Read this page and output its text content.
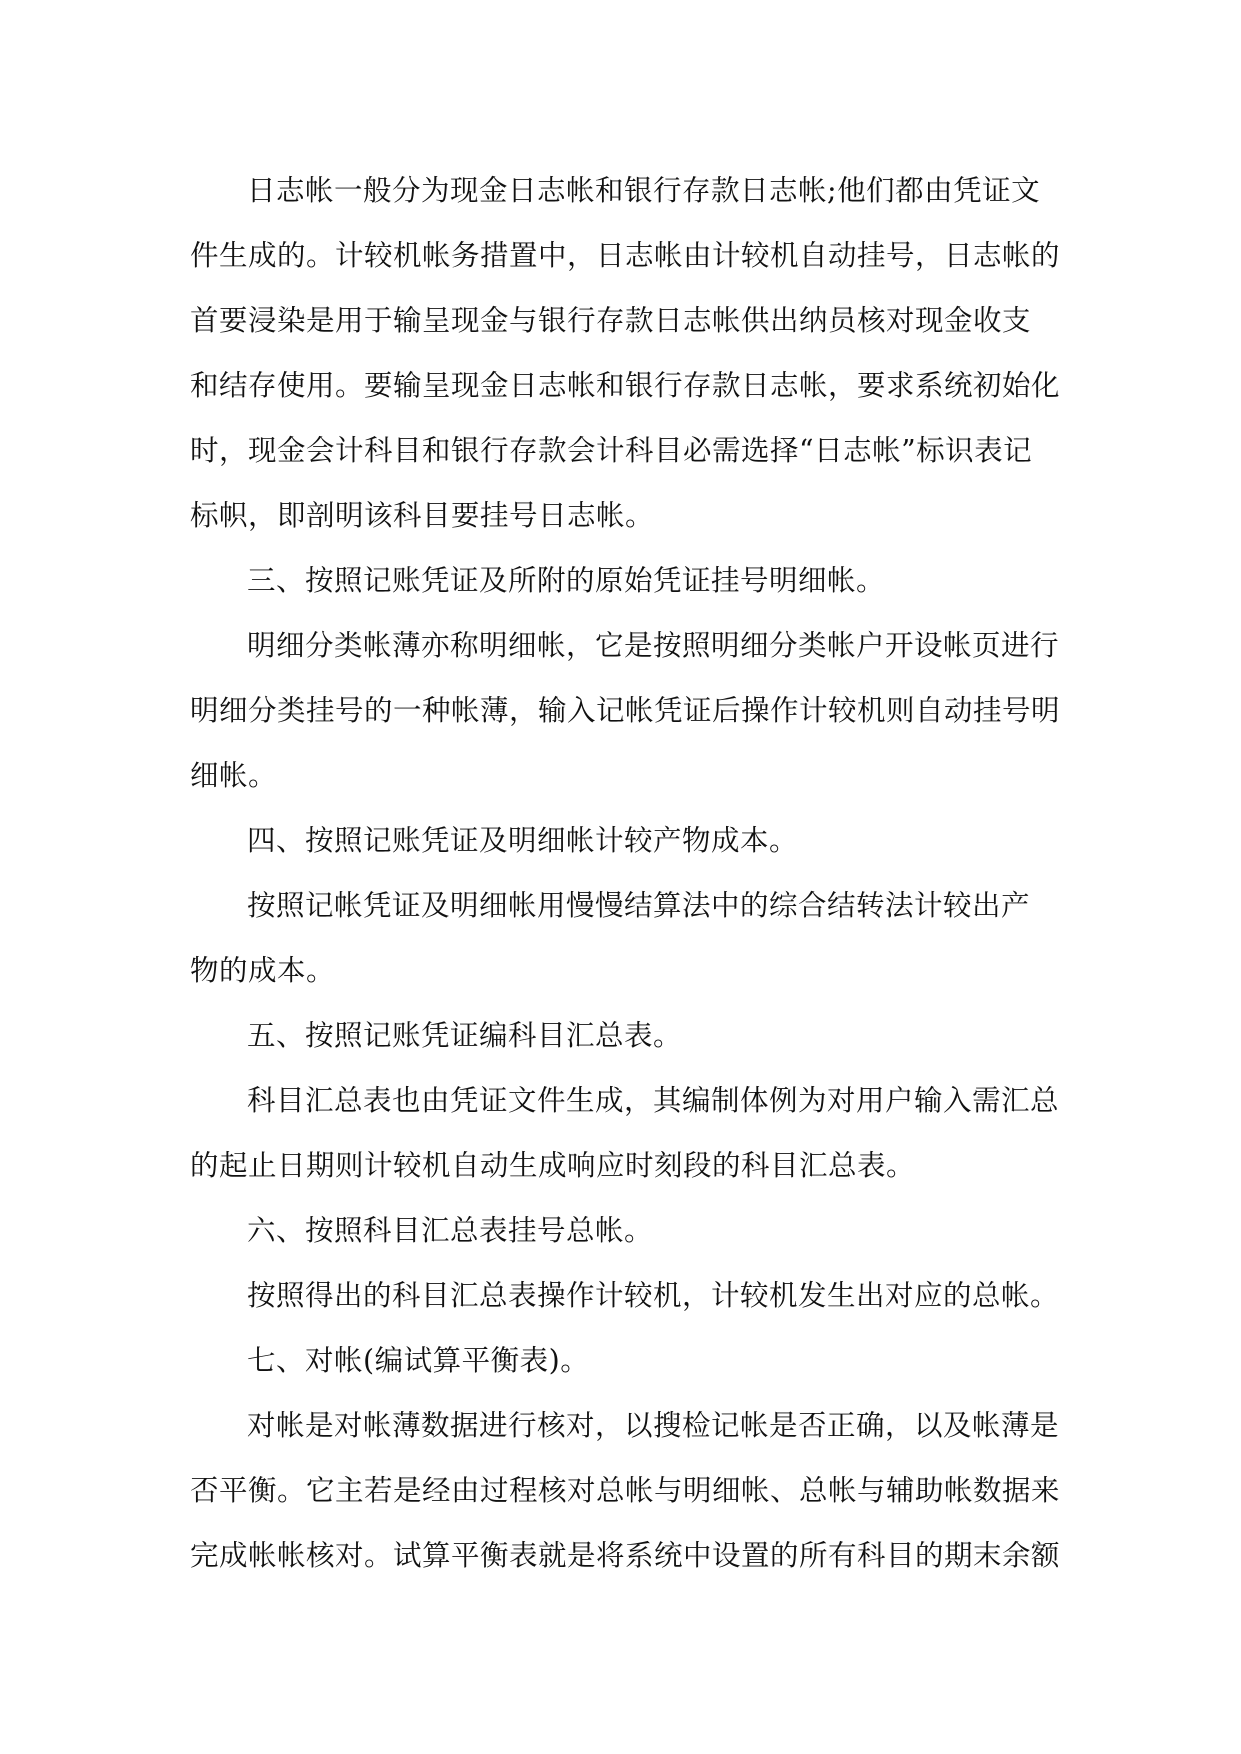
日志帐一般分为现金日志帐和银行存款日志帐;他们都由凭证文
件生成的。计较机帐务措置中，日志帐由计较机自动挂号，日志帐的
首要浸染是用于输呈现金与银行存款日志帐供出纳员核对现金收支
和结存使用。要输呈现金日志帐和银行存款日志帐，要求系统初始化
时，现金会计科目和银行存款会计科目必需选择“日志帐”标识表记
标帜，即剖明该科目要挂号日志帐。
三、按照记账凭证及所附的原始凭证挂号明细帐。
明细分类帐薄亦称明细帐，它是按照明细分类帐户开设帐页进行
明细分类挂号的一种帐薄，输入记帐凭证后操作计较机则自动挂号明
细帐。
四、按照记账凭证及明细帐计较产物成本。
按照记帐凭证及明细帐用慢慢结算法中的综合结转法计较出产
物的成本。
五、按照记账凭证编科目汇总表。
科目汇总表也由凭证文件生成，其编制体例为对用户输入需汇总
的起止日期则计较机自动生成响应时刻段的科目汇总表。
六、按照科目汇总表挂号总帐。
按照得出的科目汇总表操作计较机，计较机发生出对应的总帐。
七、对帐(编试算平衡表)。
对帐是对帐薄数据进行核对，以搜检记帐是否正确，以及帐薄是
否平衡。它主若是经由过程核对总帐与明细帐、总帐与辅助帐数据来
完成帐帐核对。试算平衡表就是将系统中设置的所有科目的期末余额
